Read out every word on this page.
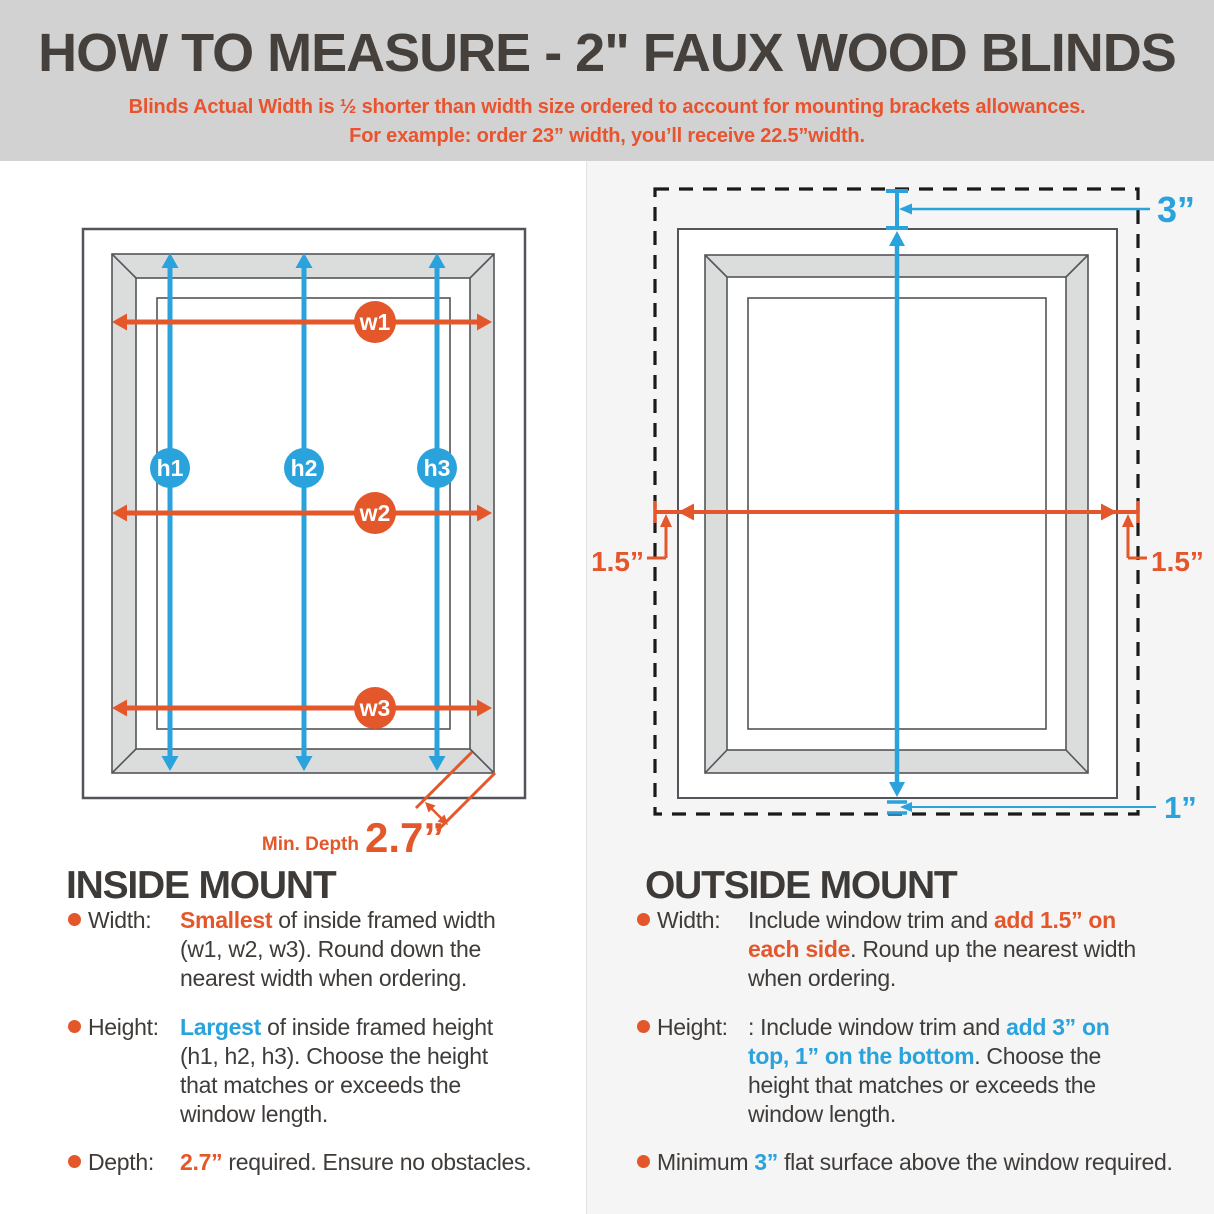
HOW TO MEASURE - 2" FAUX WOOD BLINDS
Blinds Actual Width is ½ shorter than width size ordered to account for mounting brackets allowances.
For example: order 23” width, you’ll receive 22.5”width.
w1
w2
w3
h1	h2	h3
Min. Depth 2.7”
3”
1”
1.5”	1.5”
INSIDE MOUNT
Width:	Smallest of inside framed width
(w1, w2, w3). Round down the
nearest width when ordering.
Height: Largest of inside framed height
(h1, h2, h3). Choose the height
that matches or exceeds the
window length.
Depth:	2.7” required. Ensure no obstacles.
OUTSIDE MOUNT
Width:	Include window trim and add 1.5” on
each side. Round up the nearest width
when ordering.
Height: : Include window trim and add 3” on
top, 1” on the bottom. Choose the
height that matches or exceeds the
window length.
Minimum 3” flat surface above the window required.
